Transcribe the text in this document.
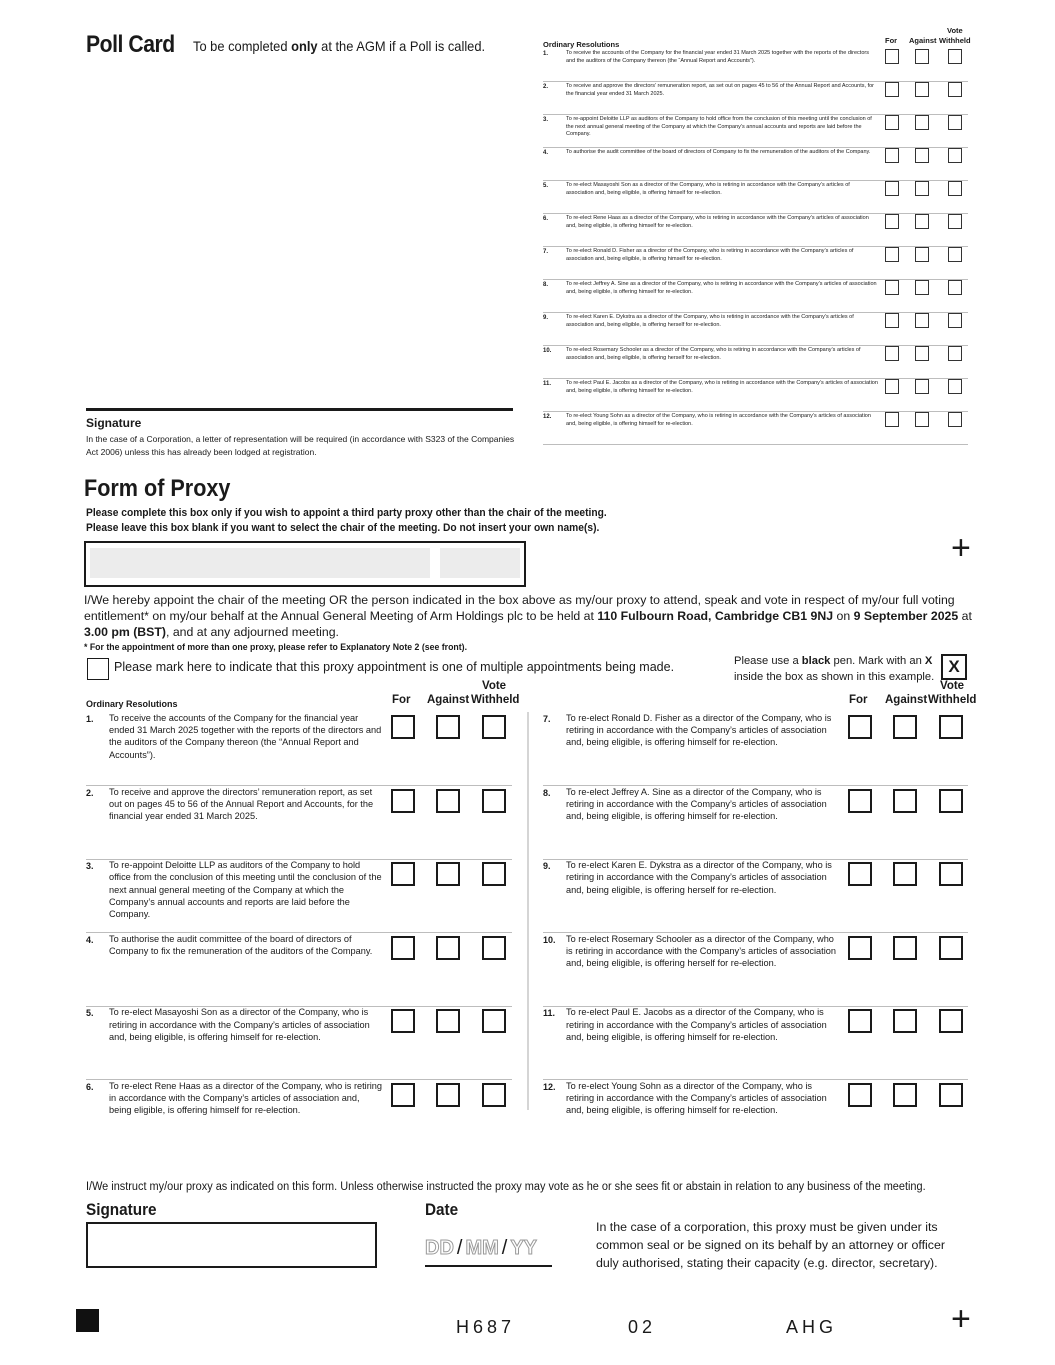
Poll Card To be completed only at the AGM if a Poll is called.
Signature
In the case of a Corporation, a letter of representation will be required (in accordance with S323 of the Companies Act 2006) unless this has already been lodged at registration.
Ordinary Resolutions	For Against
Vote
Withheld
1.	To receive the accounts of the Company for the financial year ended 31 March 2025 together with the reports of the directors and the auditors of the Company thereon (the “Annual Report and Accounts”).
2.	To receive and approve the directors’ remuneration report, as set out on pages 45 to 56 of the Annual Report and Accounts, for the financial year ended 31 March 2025.
3.	To re-appoint Deloitte LLP as auditors of the Company to hold office from the conclusion of this meeting until the conclusion of the next annual general meeting of the Company at which the Company’s annual accounts and reports are laid before the Company.
4.	To authorise the audit committee of the board of directors of Company to fix the remuneration of the auditors of the Company.
5.	To re-elect Masayoshi Son as a director of the Company, who is retiring in accordance with the Company’s articles of association and, being eligible, is offering himself for re-election.
6.	To re-elect Rene Haas as a director of the Company, who is retiring in accordance with the Company’s articles of association and, being eligible, is offering himself for re-election.
7.	To re-elect Ronald D. Fisher as a director of the Company, who is retiring in accordance with the Company’s articles of association and, being eligible, is offering himself for re-election.
8.	To re-elect Jeffrey A. Sine as a director of the Company, who is retiring in accordance with the Company’s articles of association and, being eligible, is offering himself for re-election.
9.	To re-elect Karen E. Dykstra as a director of the Company, who is retiring in accordance with the Company’s articles of association and, being eligible, is offering herself for re-election.
10.	To re-elect Rosemary Schooler as a director of the Company, who is retiring in accordance with the Company’s articles of association and, being eligible, is offering herself for re-election.
11.	To re-elect Paul E. Jacobs as a director of the Company, who is retiring in accordance with the Company’s articles of association and, being eligible, is offering himself for re-election.
12.	To re-elect Young Sohn as a director of the Company, who is retiring in accordance with the Company’s articles of association and, being eligible, is offering himself for re-election.
Form of Proxy
Please complete this box only if you wish to appoint a third party proxy other than the chair of the meeting.
Please leave this box blank if you want to select the chair of the meeting. Do not insert your own name(s).
+
I/We hereby appoint the chair of the meeting OR the person indicated in the box above as my/our proxy to attend, speak and vote in respect of my/our full voting entitlement* on my/our behalf at the Annual General Meeting of Arm Holdings plc to be held at 110 Fulbourn Road, Cambridge CB1 9NJ on 9 September 2025 at 3.00 pm (BST), and at any adjourned meeting.
* For the appointment of more than one proxy, please refer to Explanatory Note 2 (see front).
Please mark here to indicate that this proxy appointment is one of multiple appointments being made.	Please use a black pen. Mark with an X inside the box as shown in this example.
X
Ordinary Resolutions	For Against
Vote
Withheld	For Against
Vote
Withheld
1. To receive the accounts of the Company for the financial year ended 31 March 2025 together with the reports of the directors and the auditors of the Company thereon (the “Annual Report and Accounts”).
2. To receive and approve the directors’ remuneration report, as set out on pages 45 to 56 of the Annual Report and Accounts, for the financial year ended 31 March 2025.
3. To re-appoint Deloitte LLP as auditors of the Company to hold office from the conclusion of this meeting until the conclusion of the next annual general meeting of the Company at which the Company’s annual accounts and reports are laid before the Company.
4. To authorise the audit committee of the board of directors of Company to fix the remuneration of the auditors of the Company.
5. To re-elect Masayoshi Son as a director of the Company, who is retiring in accordance with the Company’s articles of association and, being eligible, is offering himself for re-election.
6. To re-elect Rene Haas as a director of the Company, who is retiring in accordance with the Company’s articles of association and, being eligible, is offering himself for re-election.
7. To re-elect Ronald D. Fisher as a director of the Company, who is retiring in accordance with the Company’s articles of association and, being eligible, is offering himself for re-election.
8. To re-elect Jeffrey A. Sine as a director of the Company, who is retiring in accordance with the Company’s articles of association and, being eligible, is offering himself for re-election.
9. To re-elect Karen E. Dykstra as a director of the Company, who is retiring in accordance with the Company’s articles of association and, being eligible, is offering herself for re-election.
10. To re-elect Rosemary Schooler as a director of the Company, who is retiring in accordance with the Company’s articles of association and, being eligible, is offering herself for re-election.
11. To re-elect Paul E. Jacobs as a director of the Company, who is retiring in accordance with the Company’s articles of association and, being eligible, is offering himself for re-election.
12. To re-elect Young Sohn as a director of the Company, who is retiring in accordance with the Company’s articles of association and, being eligible, is offering himself for re-election.
I/We instruct my/our proxy as indicated on this form. Unless otherwise instructed the proxy may vote as he or she sees fit or abstain in relation to any business of the meeting.
Signature	Date
DD / MM / YY
In the case of a corporation, this proxy must be given under its common seal or be signed on its behalf by an attorney or officer duly authorised, stating their capacity (e.g. director, secretary).
H687	02	AHG	+
